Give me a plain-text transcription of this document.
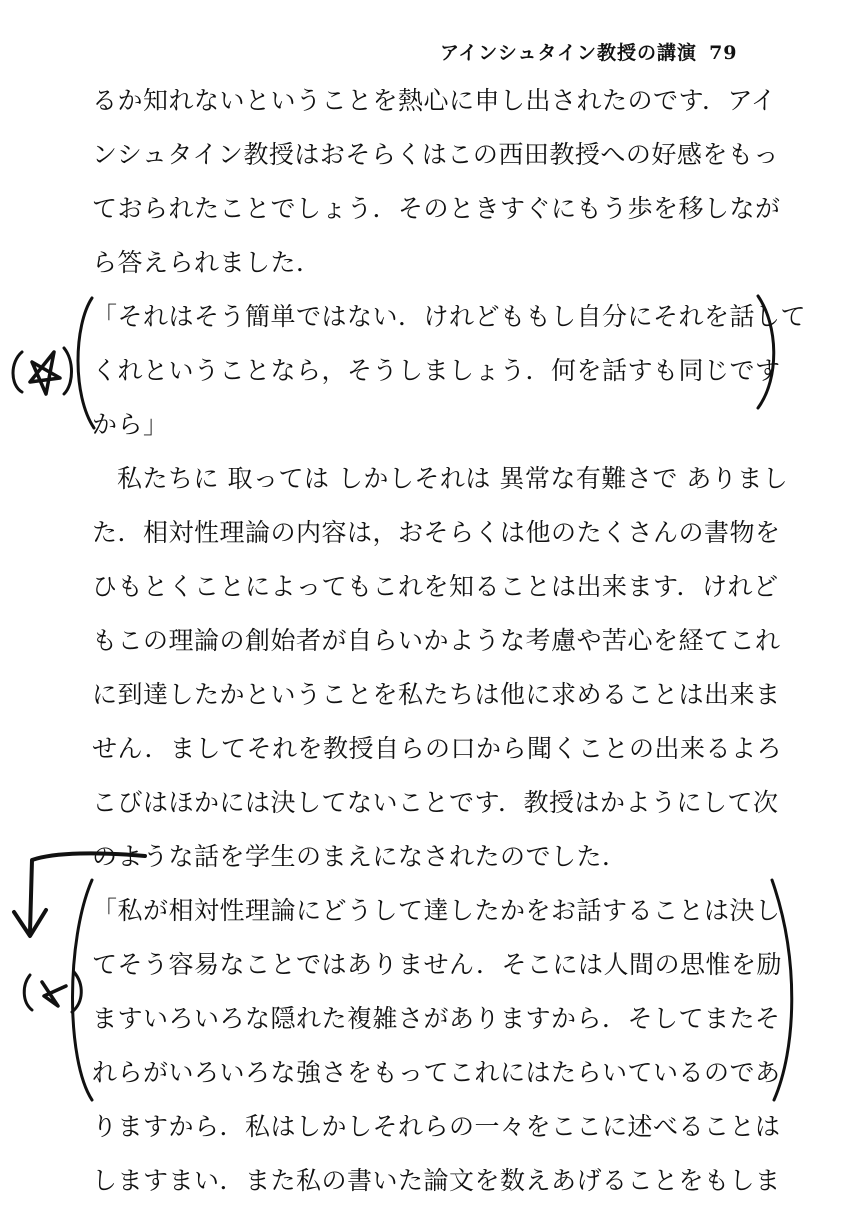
アインシュタイン教授の講演 79
るか知れないということを熱心に申し出されたのです．アイ
ンシュタイン教授はおそらくはこの西田教授への好感をもっ
ておられたことでしょう．そのときすぐにもう歩を移しなが
ら答えられました．
「それはそう簡単ではない．けれどももし自分にそれを話して
くれということなら，そうしましょう．何を話すも同じです
から」
私たちに 取っては しかしそれは 異常な有難さで ありまし
た．相対性理論の内容は，おそらくは他のたくさんの書物を
ひもとくことによってもこれを知ることは出来ます．けれど
もこの理論の創始者が自らいかような考慮や苦心を経てこれ
に到達したかということを私たちは他に求めることは出来ま
せん．ましてそれを教授自らの口から聞くことの出来るよろ
こびはほかには決してないことです．教授はかようにして次
のような話を学生のまえになされたのでした．
「私が相対性理論にどうして達したかをお話することは決し
てそう容易なことではありません．そこには人間の思惟を励
ますいろいろな隠れた複雑さがありますから．そしてまたそ
れらがいろいろな強さをもってこれにはたらいているのであ
りますから．私はしかしそれらの一々をここに述べることは
しますまい．また私の書いた論文を数えあげることをもしま
